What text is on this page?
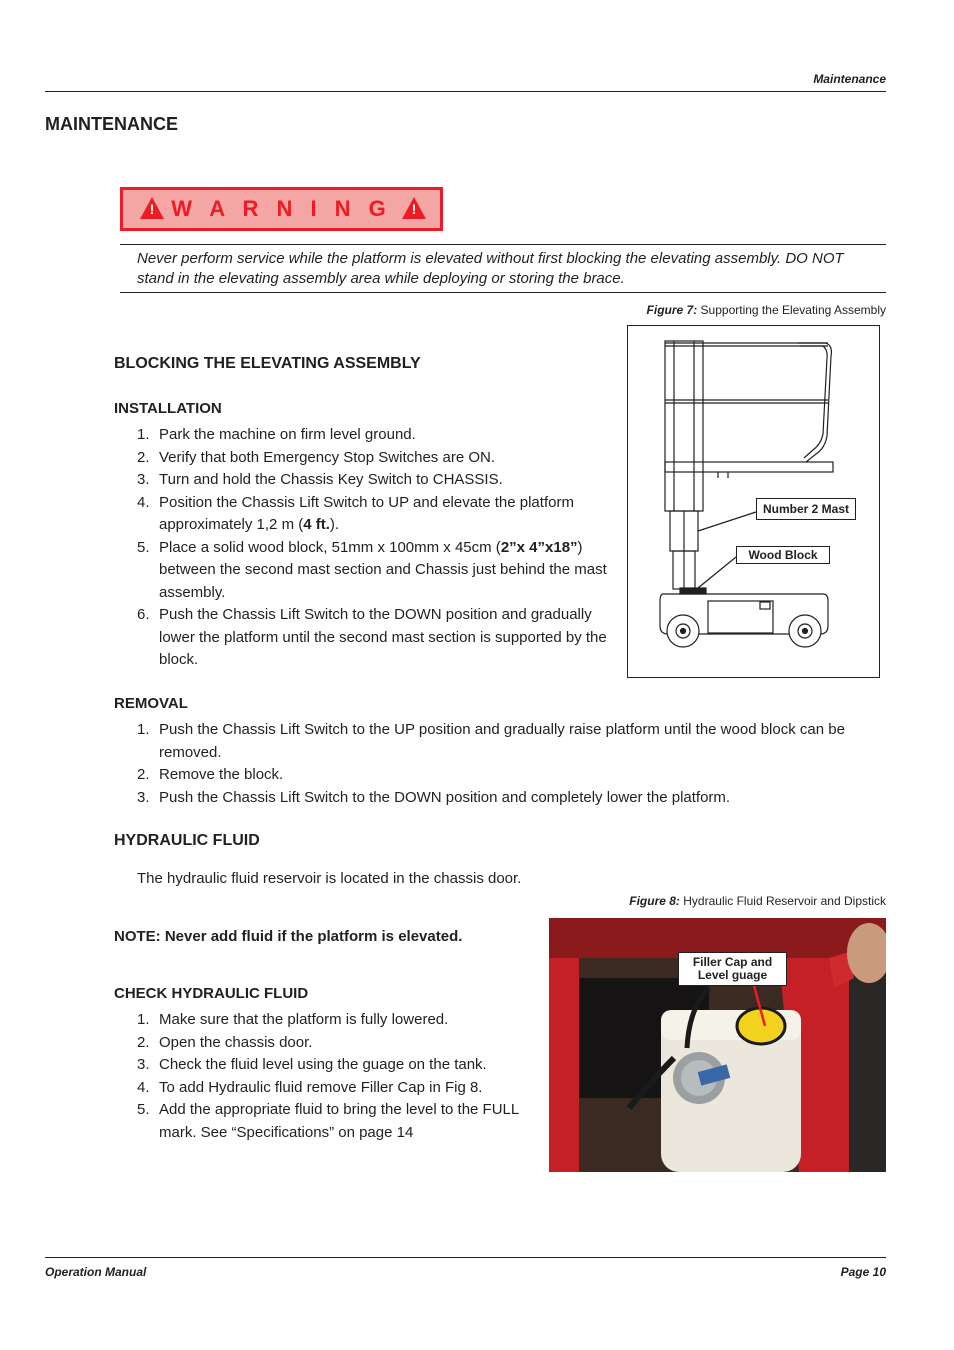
Maintenance
MAINTENANCE
! W A R N I N G	!

Never perform service while the platform is elevated without first blocking the elevating assembly. DO NOT stand in the elevating assembly area while deploying or storing the brace.

Figure 7: Supporting the Elevating Assembly
Number 2 Mast
Wood Block
BLOCKING THE ELEVATING ASSEMBLY
INSTALLATION
1. Park the machine on firm level ground.
2. Verify that both Emergency Stop Switches are ON.
3. Turn and hold the Chassis Key Switch to CHASSIS.
4. Position the Chassis Lift Switch to UP and elevate the platform approximately 1,2 m (4 ft.).
5. Place a solid wood block, 51mm x 100mm x 45cm (2”x 4”x18”) between the second mast section and Chassis just behind the mast assembly.
6. Push the Chassis Lift Switch to the DOWN position and gradually lower the platform until the second mast section is supported by the block.
REMOVAL
1. Push the Chassis Lift Switch to the UP position and gradually raise platform until the wood block can be removed.
2. Remove the block.
3. Push the Chassis Lift Switch to the DOWN position and completely lower the platform.
HYDRAULIC FLUID

The hydraulic fluid reservoir is located in the chassis door.

Figure 8: Hydraulic Fluid Reservoir and Dipstick

NOTE: Never add fluid if the platform is elevated.

CHECK HYDRAULIC FLUID
1. Make sure that the platform is fully lowered.
2. Open the chassis door.
3. Check the fluid level using the guage on the tank.
4. To add Hydraulic fluid remove Filler Cap in Fig 8.
5. Add the appropriate fluid to bring the level to the FULL mark. See “Specifications” on page 14
Filler Cap and
Level guage
Operation Manual	Page 10
